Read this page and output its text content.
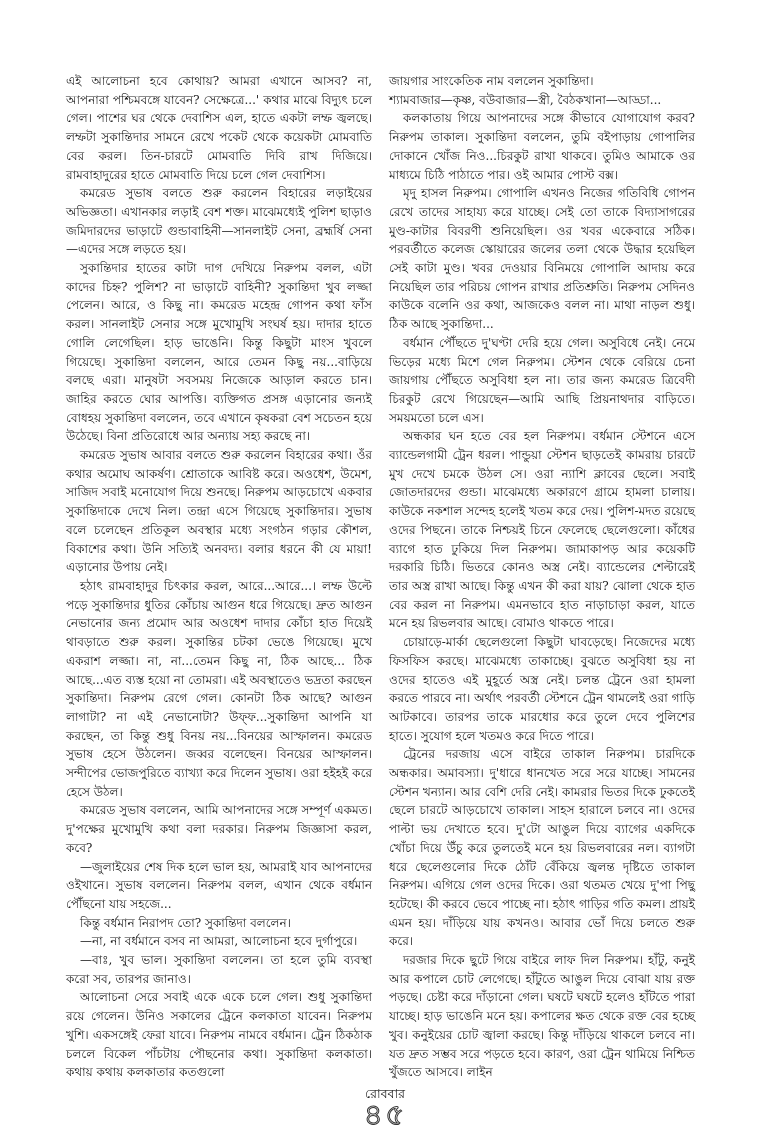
এই আলোচনা হবে কোথায়? আমরা এখানে আসব? না, আপনারা পশ্চিমবঙ্গে যাবেন? সেক্ষেত্রে...' কথার মাঝে বিদ্যুৎ চলে গেল। পাশের ঘর থেকে দেবাশিস এল, হাতে একটা লম্ফ জ্বলছে। লম্ফটা সুকান্তিদার সামনে রেখে পকেট থেকে কয়েকটা মোমবাতি বের করল। তিন-চারটে মোমবাতি দিবি রাখ দিজিয়ে। রামবাহাদুরের হাতে মোমবাতি দিয়ে চলে গেল দেবাশিস।

কমরেড সুভাষ বলতে শুরু করলেন বিহারের লড়াইয়ের অভিজ্ঞতা। এখানকার লড়াই বেশ শক্ত। মাঝেমধ্যেই পুলিশ ছাড়াও জমিদারদের ভাড়াটে গুন্ডাবাহিনী—সানলাইট সেনা, ব্রহ্মর্ষি সেনা—এদের সঙ্গে লড়তে হয়।

সুকান্তিদার হাতের কাটা দাগ দেখিয়ে নিরুপম বলল, এটা কাদের চিহ্ন? পুলিশ? না ভাড়াটে বাহিনী? সুকান্তিদা খুব লজ্জা পেলেন। আরে, ও কিছু না। কমরেড মহেন্দ্র গোপন কথা ফাঁস করল। সানলাইট সেনার সঙ্গে মুখোমুখি সংঘর্ষ হয়। দাদার হাতে গোলি লেগেছিল। হাড় ভাঙেনি। কিন্তু কিছুটা মাংস খুবলে গিয়েছে। সুকান্তিদা বললেন, আরে তেমন কিছু নয়...বাড়িয়ে বলছে এরা। মানুষটা সবসময় নিজেকে আড়াল করতে চান। জাহির করতে ঘোর আপত্তি। ব্যক্তিগত প্রসঙ্গ এড়ানোর জন্যই বোধহয় সুকান্তিদা বললেন, তবে এখানে কৃষকরা বেশ সচেতন হয়ে উঠেছে। বিনা প্রতিরোধে আর অন্যায় সহ্য করছে না।

কমরেড সুভাষ আবার বলতে শুরু করলেন বিহারের কথা। ওঁর কথার অমোঘ আকর্ষণ। শ্রোতাকে আবিষ্ট করে। অওধেশ, উমেশ, সাজিদ সবাই মনোযোগ দিয়ে শুনছে। নিরুপম আড়চোখে একবার সুকান্তিদাকে দেখে নিল। তন্দ্রা এসে গিয়েছে সুকান্তিদার। সুভাষ বলে চলেছেন প্রতিকূল অবস্থার মধ্যে সংগঠন গড়ার কৌশল, বিকাশের কথা। উনি সত্যিই অনবদ্য। বলার ধরনে কী যে মায়া! এড়ানোর উপায় নেই।

হঠাৎ রামবাহাদুর চিৎকার করল, আরে...আরে...। লম্ফ উল্টে পড়ে সুকান্তিদার ধুতির কোঁচায় আগুন ধরে গিয়েছে। দ্রুত আগুন নেভানোর জন্য প্রমোদ আর অওধেশ দাদার কোঁচা হাত দিয়েই থাবড়াতে শুরু করল। সুকান্তির চটকা ভেঙে গিয়েছে। মুখে একরাশ লজ্জা। না, না...তেমন কিছু না, ঠিক আছে... ঠিক আছে...এত ব্যস্ত হয়ো না তোমরা। এই অবস্থাতেও ভদ্রতা করছেন সুকান্তিদা। নিরুপম রেগে গেল। কোনটা ঠিক আছে? আগুন লাগাটা? না এই নেভানোটা? উফ্‌ফ...সুকান্তিদা আপনি যা করছেন, তা কিন্তু শুধু বিনয় নয়...বিনয়ের আস্ফালন। কমরেড সুভাষ হেসে উঠলেন। জব্বর বলেছেন। বিনয়ের আস্ফালন। সন্দীপের ভোজপুরিতে ব্যাখ্যা করে দিলেন সুভাষ। ওরা হইহই করে হেসে উঠল।

কমরেড সুভাষ বললেন, আমি আপনাদের সঙ্গে সম্পূর্ণ একমত। দু'পক্ষের মুখোমুখি কথা বলা দরকার। নিরুপম জিজ্ঞাসা করল, কবে?

—জুলাইয়ের শেষ দিক হলে ভাল হয়, আমরাই যাব আপনাদের ওইখানে। সুভাষ বললেন। নিরুপম বলল, এখান থেকে বর্ধমান পৌঁছনো যায় সহজে...

কিন্তু বর্ধমান নিরাপদ তো? সুকান্তিদা বললেন।

—না, না বর্ধমানে বসব না আমরা, আলোচনা হবে দুর্গাপুরে।

—বাঃ, খুব ভাল। সুকান্তিদা বললেন। তা হলে তুমি ব্যবস্থা করো সব, তারপর জানাও।

আলোচনা সেরে সবাই একে একে চলে গেল। শুধু সুকান্তিদা রয়ে গেলেন। উনিও সকালের ট্রেনে কলকাতা যাবেন। নিরুপম খুশি। একসঙ্গেই ফেরা যাবে। নিরুপম নামবে বর্ধমান। ট্রেন ঠিকঠাক চললে বিকেল পাঁচটায় পৌছনোর কথা। সুকান্তিদা কলকাতা। কথায় কথায় কলকাতার কতগুলো

জায়গার সাংকেতিক নাম বললেন সুকান্তিদা।

শ্যামবাজার—কৃষ্ণ, বউবাজার—স্ত্রী, বৈঠকখানা—আড্ডা...

কলকাতায় গিয়ে আপনাদের সঙ্গে কীভাবে যোগাযোগ করব? নিরুপম তাকাল। সুকান্তিদা বললেন, তুমি বইপাড়ায় গোপালির দোকানে খোঁজ নিও...চিরকুট রাখা থাকবে। তুমিও আমাকে ওর মাধ্যমে চিঠি পাঠাতে পার। ওই আমার পোস্ট বক্স।

মৃদু হাসল নিরুপম। গোপালি এখনও নিজের গতিবিধি গোপন রেখে তাদের সাহায্য করে যাচ্ছে। সেই তো তাকে বিদ্যাসাগরের মুণ্ড-কাটার বিবরণী শুনিয়েছিল। ওর খবর একেবারে সঠিক। পরবর্তীতে কলেজ স্কোয়ারের জলের তলা থেকে উদ্ধার হয়েছিল সেই কাটা মুণ্ড। খবর দেওয়ার বিনিময়ে গোপালি আদায় করে নিয়েছিল তার পরিচয় গোপন রাখার প্রতিশ্রুতি। নিরুপম সেদিনও কাউকে বলেনি ওর কথা, আজকেও বলল না। মাথা নাড়ল শুধু। ঠিক আছে সুকান্তিদা...

বর্ধমান পৌঁছতে দু'ঘণ্টা দেরি হয়ে গেল। অসুবিধে নেই। নেমে ভিড়ের মধ্যে মিশে গেল নিরুপম। স্টেশন থেকে বেরিয়ে চেনা জায়গায় পৌঁছতে অসুবিধা হল না। তার জন্য কমরেড ত্রিবেদী চিরকুট রেখে গিয়েছেন—আমি আছি প্রিয়নাথদার বাড়িতে। সময়মতো চলে এস।

অন্ধকার ঘন হতে বের হল নিরুপম। বর্ধমান স্টেশনে এসে ব্যান্ডেলগামী ট্রেন ধরল। পান্ডুয়া স্টেশন ছাড়তেই কামরায় চারটে মুখ দেখে চমকে উঠল সে। ওরা ন্যাশি ক্লাবের ছেলে। সবাই জোতদারদের গুন্ডা। মাঝেমধ্যে অকারণে গ্রামে হামলা চালায়। কাউকে নকশাল সন্দেহ হলেই খতম করে দেয়। পুলিশ-মদত রয়েছে ওদের পিছনে। তাকে নিশ্চয়ই চিনে ফেলেছে ছেলেগুলো। কাঁধের ব্যাগে হাত ঢুকিয়ে দিল নিরুপম। জামাকাপড় আর কয়েকটি দরকারি চিঠি। ভিতরে কোনও অস্ত্র নেই। ব্যান্ডেলের শেল্টারেই তার অস্ত্র রাখা আছে। কিন্তু এখন কী করা যায়? ঝোলা থেকে হাত বের করল না নিরুপম। এমনভাবে হাত নাড়াচাড়া করল, যাতে মনে হয় রিভলবার আছে। বোমাও থাকতে পারে।

চোয়াড়ে-মার্কা ছেলেগুলো কিছুটা ঘাবড়েছে। নিজেদের মধ্যে ফিসফিস করছে। মাঝেমধ্যে তাকাচ্ছে। বুঝতে অসুবিধা হয় না ওদের হাতেও এই মুহূর্তে অস্ত্র নেই। চলন্ত ট্রেনে ওরা হামলা করতে পারবে না। অর্থাৎ পরবর্তী স্টেশনে ট্রেন থামলেই ওরা গাড়ি আটকাবে। তারপর তাকে মারধোর করে তুলে দেবে পুলিশের হাতে। সুযোগ হলে খতমও করে দিতে পারে।

ট্রেনের দরজায় এসে বাইরে তাকাল নিরুপম। চারদিকে অন্ধকার। অমাবস্যা। দু'ধারে ধানখেত সরে সরে যাচ্ছে। সামনের স্টেশন খন্যান। আর বেশি দেরি নেই। কামরার ভিতর দিকে ঢুকতেই ছেলে চারটে আড়চোখে তাকাল। সাহস হারালে চলবে না। ওদের পাল্টা ভয় দেখাতে হবে। দু'টো আঙুল দিয়ে ব্যাগের একদিকে খোঁচা দিয়ে উঁচু করে তুলতেই মনে হয় রিভলবারের নল। ব্যাগটা ধরে ছেলেগুলোর দিকে ঠোঁট বেঁকিয়ে জ্বলন্ত দৃষ্টিতে তাকাল নিরুপম। এগিয়ে গেল ওদের দিকে। ওরা থতমত খেয়ে দু'পা পিছু হটেছে। কী করবে ভেবে পাচ্ছে না। হঠাৎ গাড়ির গতি কমল। প্রায়ই এমন হয়। দাঁড়িয়ে যায় কখনও। আবার ভোঁ দিয়ে চলতে শুরু করে।

দরজার দিকে ছুটে গিয়ে বাইরে লাফ দিল নিরুপম। হাঁটু, কনুই আর কপালে চোট লেগেছে। হাঁটুতে আঙুল দিয়ে বোঝা যায় রক্ত পড়ছে। চেষ্টা করে দাঁড়ানো গেল। ঘষটে ঘষটে হলেও হাঁটতে পারা যাচ্ছে। হাড় ভাঙেনি মনে হয়। কপালের ক্ষত থেকে রক্ত বের হচ্ছে খুব। কনুইয়ের চোট জ্বালা করছে। কিন্তু দাঁড়িয়ে থাকলে চলবে না। যত দ্রুত সম্ভব সরে পড়তে হবে। কারণ, ওরা ট্রেন থামিয়ে নিশ্চিত খুঁজতে আসবে। লাইন

রোববার
৪৫
